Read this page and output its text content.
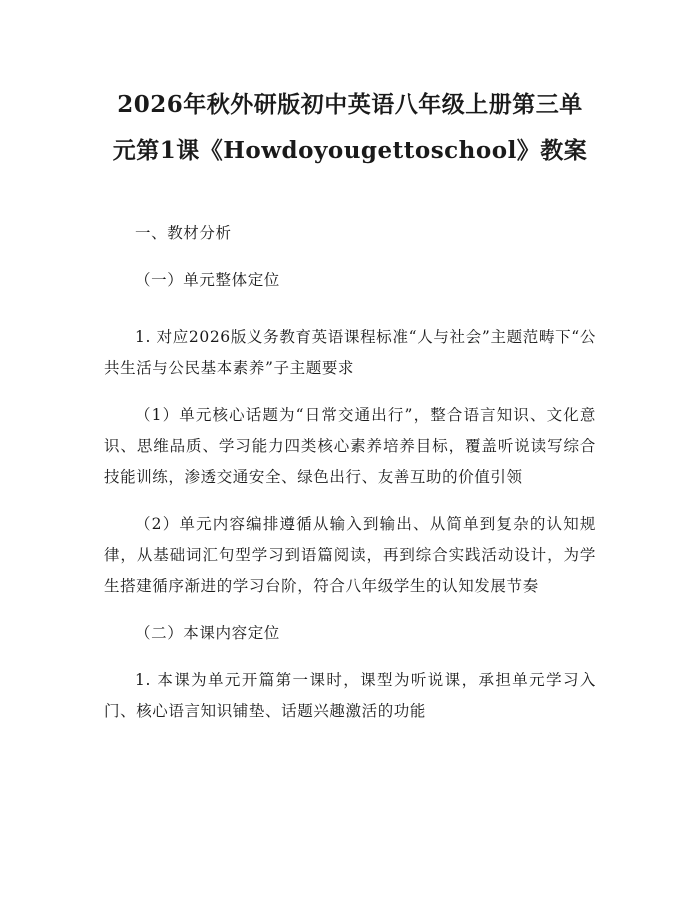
2026年秋外研版初中英语八年级上册第三单
元第1课《Howdoyougettoschool》教案

一、教材分析

（一）单元整体定位

1. 对应2026版义务教育英语课程标准“人与社会”主题范畴下“公共生活与公民基本素养”子主题要求

（1）单元核心话题为“日常交通出行”，整合语言知识、文化意识、思维品质、学习能力四类核心素养培养目标，覆盖听说读写综合技能训练，渗透交通安全、绿色出行、友善互助的价值引领

（2）单元内容编排遵循从输入到输出、从简单到复杂的认知规律，从基础词汇句型学习到语篇阅读，再到综合实践活动设计，为学生搭建循序渐进的学习台阶，符合八年级学生的认知发展节奏

（二）本课内容定位

1. 本课为单元开篇第一课时，课型为听说课，承担单元学习入门、核心语言知识铺垫、话题兴趣激活的功能
